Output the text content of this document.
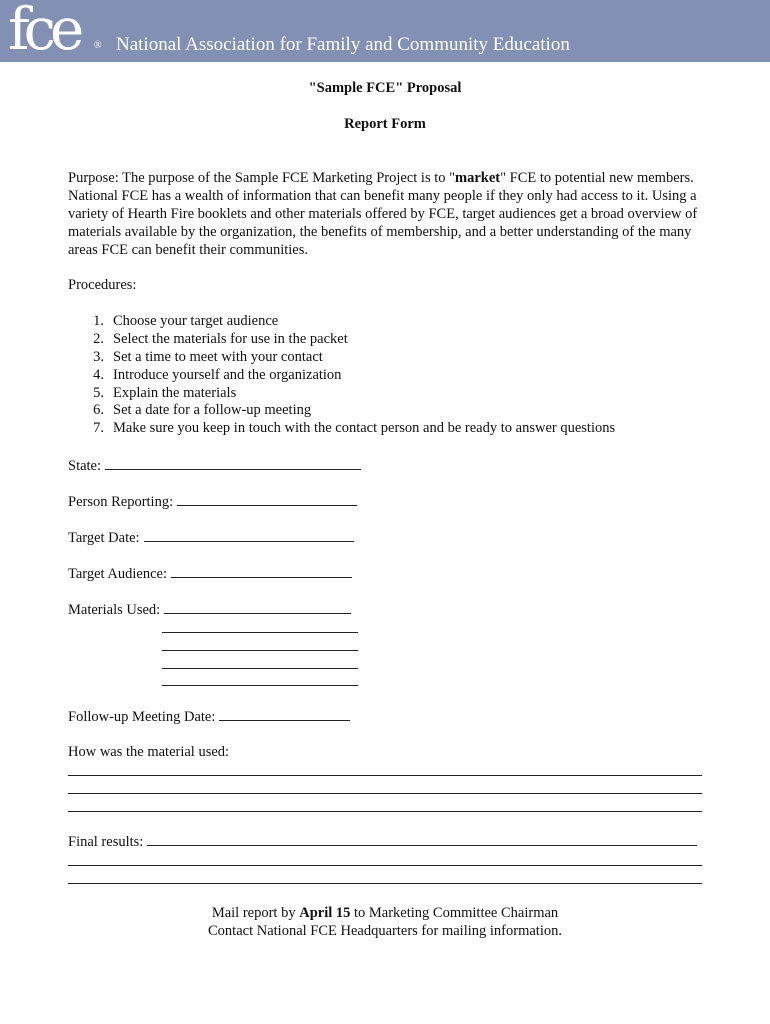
fce ® National Association for Family and Community Education
"Sample FCE" Proposal
Report Form
Purpose: The purpose of the Sample FCE Marketing Project is to "market" FCE to potential new members. National FCE has a wealth of information that can benefit many people if they only had access to it. Using a variety of Hearth Fire booklets and other materials offered by FCE, target audiences get a broad overview of materials available by the organization, the benefits of membership, and a better understanding of the many areas FCE can benefit their communities.
Procedures:
1. Choose your target audience
2. Select the materials for use in the packet
3. Set a time to meet with your contact
4. Introduce yourself and the organization
5. Explain the materials
6. Set a date for a follow-up meeting
7. Make sure you keep in touch with the contact person and be ready to answer questions
State:
Person Reporting:
Target Date:
Target Audience:
Materials Used:
Follow-up Meeting Date:
How was the material used:
Final results:
Mail report by April 15 to Marketing Committee Chairman
Contact National FCE Headquarters for mailing information.
